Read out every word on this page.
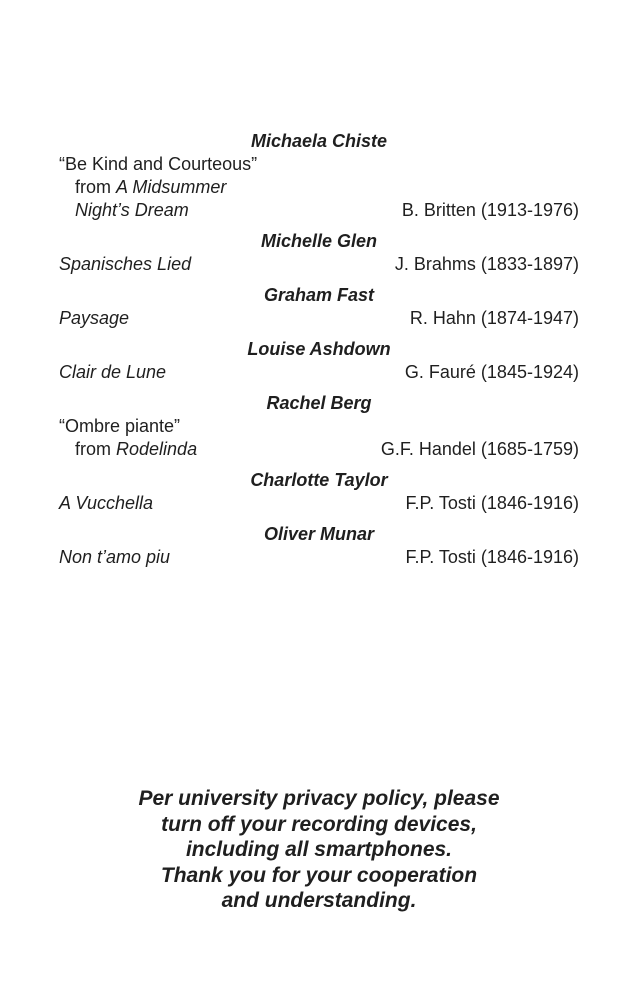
Michaela Chiste
“Be Kind and Courteous”
from A Midsummer
Night’s Dream	B. Britten (1913-1976)
Michelle Glen
Spanisches Lied	J. Brahms (1833-1897)
Graham Fast
Paysage	R. Hahn (1874-1947)
Louise Ashdown
Clair de Lune	G. Fauré (1845-1924)
Rachel Berg
“Ombre piante”
from Rodelinda	G.F. Handel (1685-1759)
Charlotte Taylor
A Vucchella	F.P. Tosti (1846-1916)
Oliver Munar
Non t’amo piu	F.P. Tosti (1846-1916)
Per university privacy policy, please
turn off your recording devices,
including all smartphones.
Thank you for your cooperation
and understanding.
